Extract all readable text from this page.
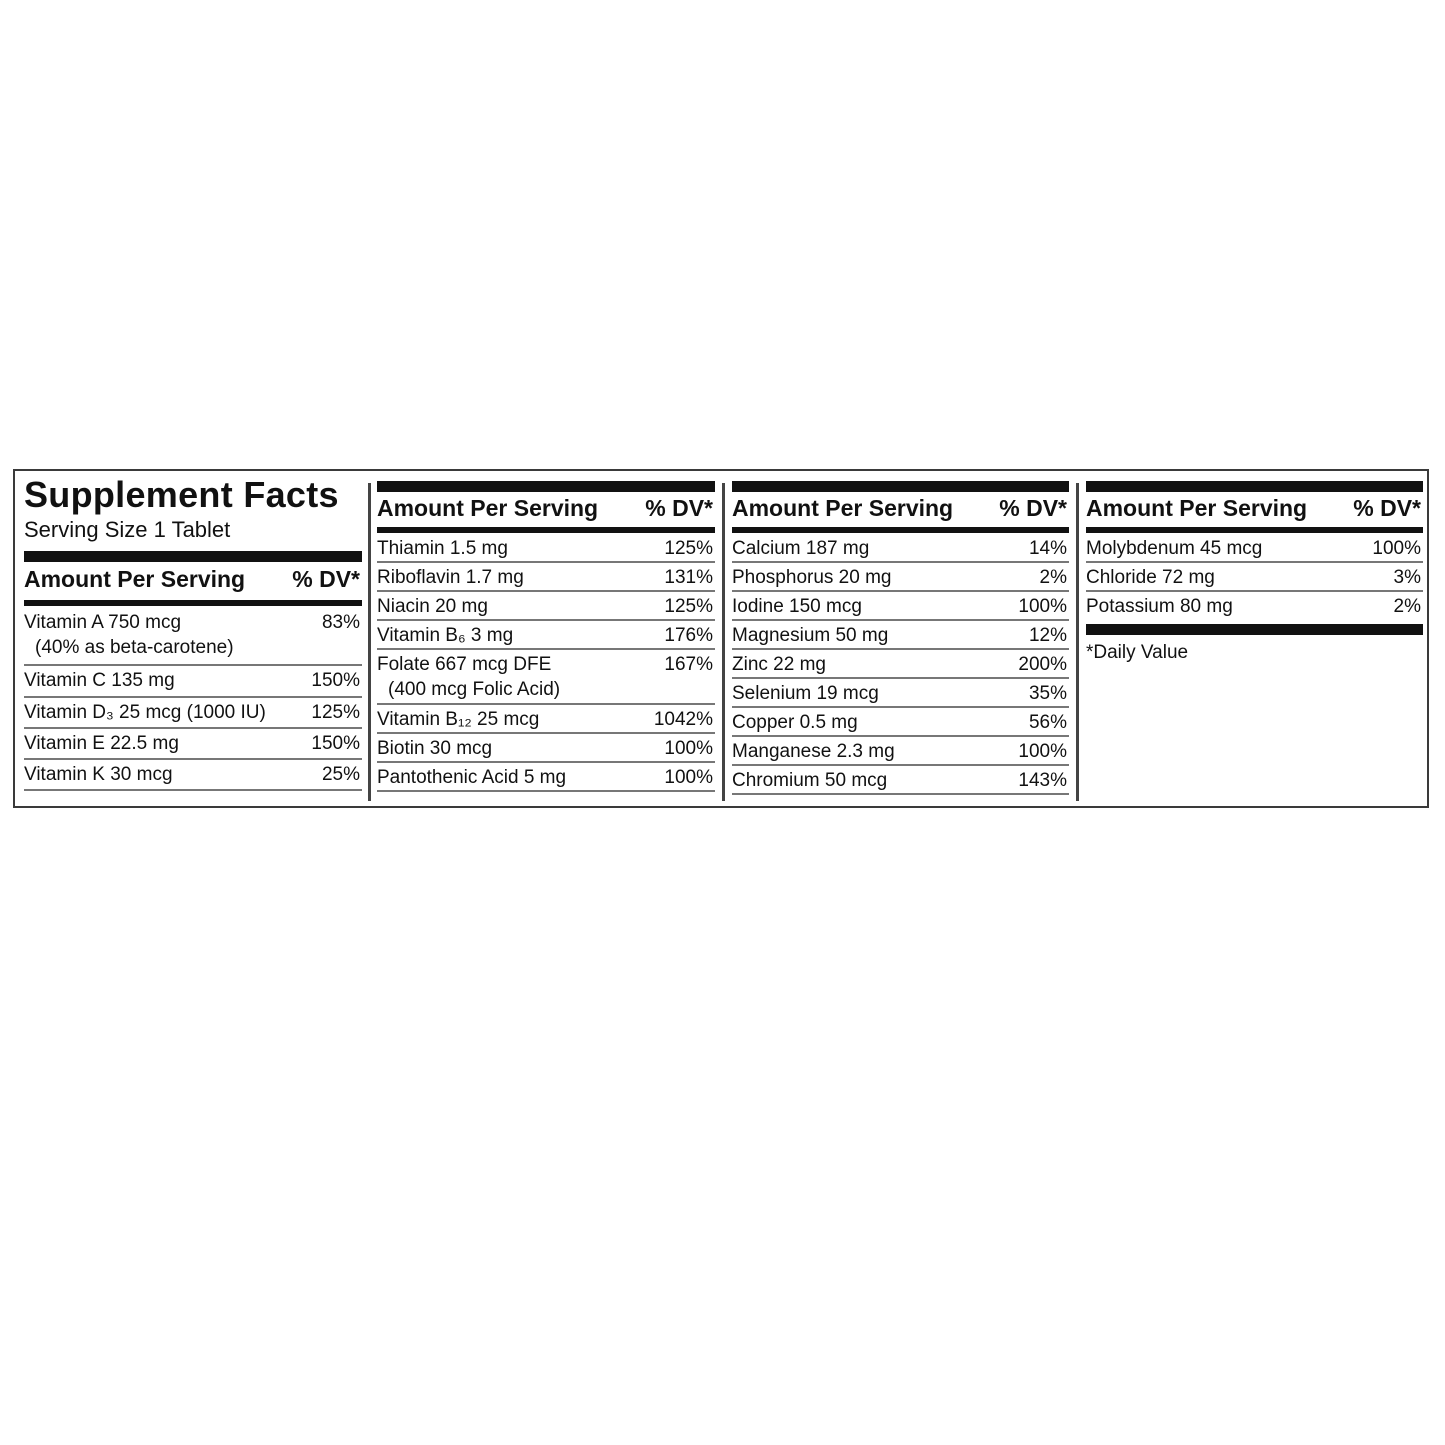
Supplement Facts
Serving Size 1 Tablet
Amount Per Serving % DV*
Vitamin A 750 mcg
(40% as beta-carotene)
83%
Vitamin C 135 mg	150%
Vitamin D₃ 25 mcg (1000 IU)	125%
Vitamin E 22.5 mg	150%
Vitamin K 30 mcg	25%
Amount Per Serving % DV*
Thiamin 1.5 mg	125%
Riboflavin 1.7 mg	131%
Niacin 20 mg	125%
Vitamin B₆ 3 mg	176%
Folate 667 mcg DFE
(400 mcg Folic Acid)
167%
Vitamin B₁₂ 25 mcg	1042%
Biotin 30 mcg	100%
Pantothenic Acid 5 mg	100%
Amount Per Serving % DV*
Calcium 187 mg	14%
Phosphorus 20 mg	2%
Iodine 150 mcg	100%
Magnesium 50 mg	12%
Zinc 22 mg	200%
Selenium 19 mcg	35%
Copper 0.5 mg	56%
Manganese 2.3 mg	100%
Chromium 50 mcg	143%
Amount Per Serving % DV*
Molybdenum 45 mcg	100%
Chloride 72 mg	3%
Potassium 80 mg	2%
*Daily Value
